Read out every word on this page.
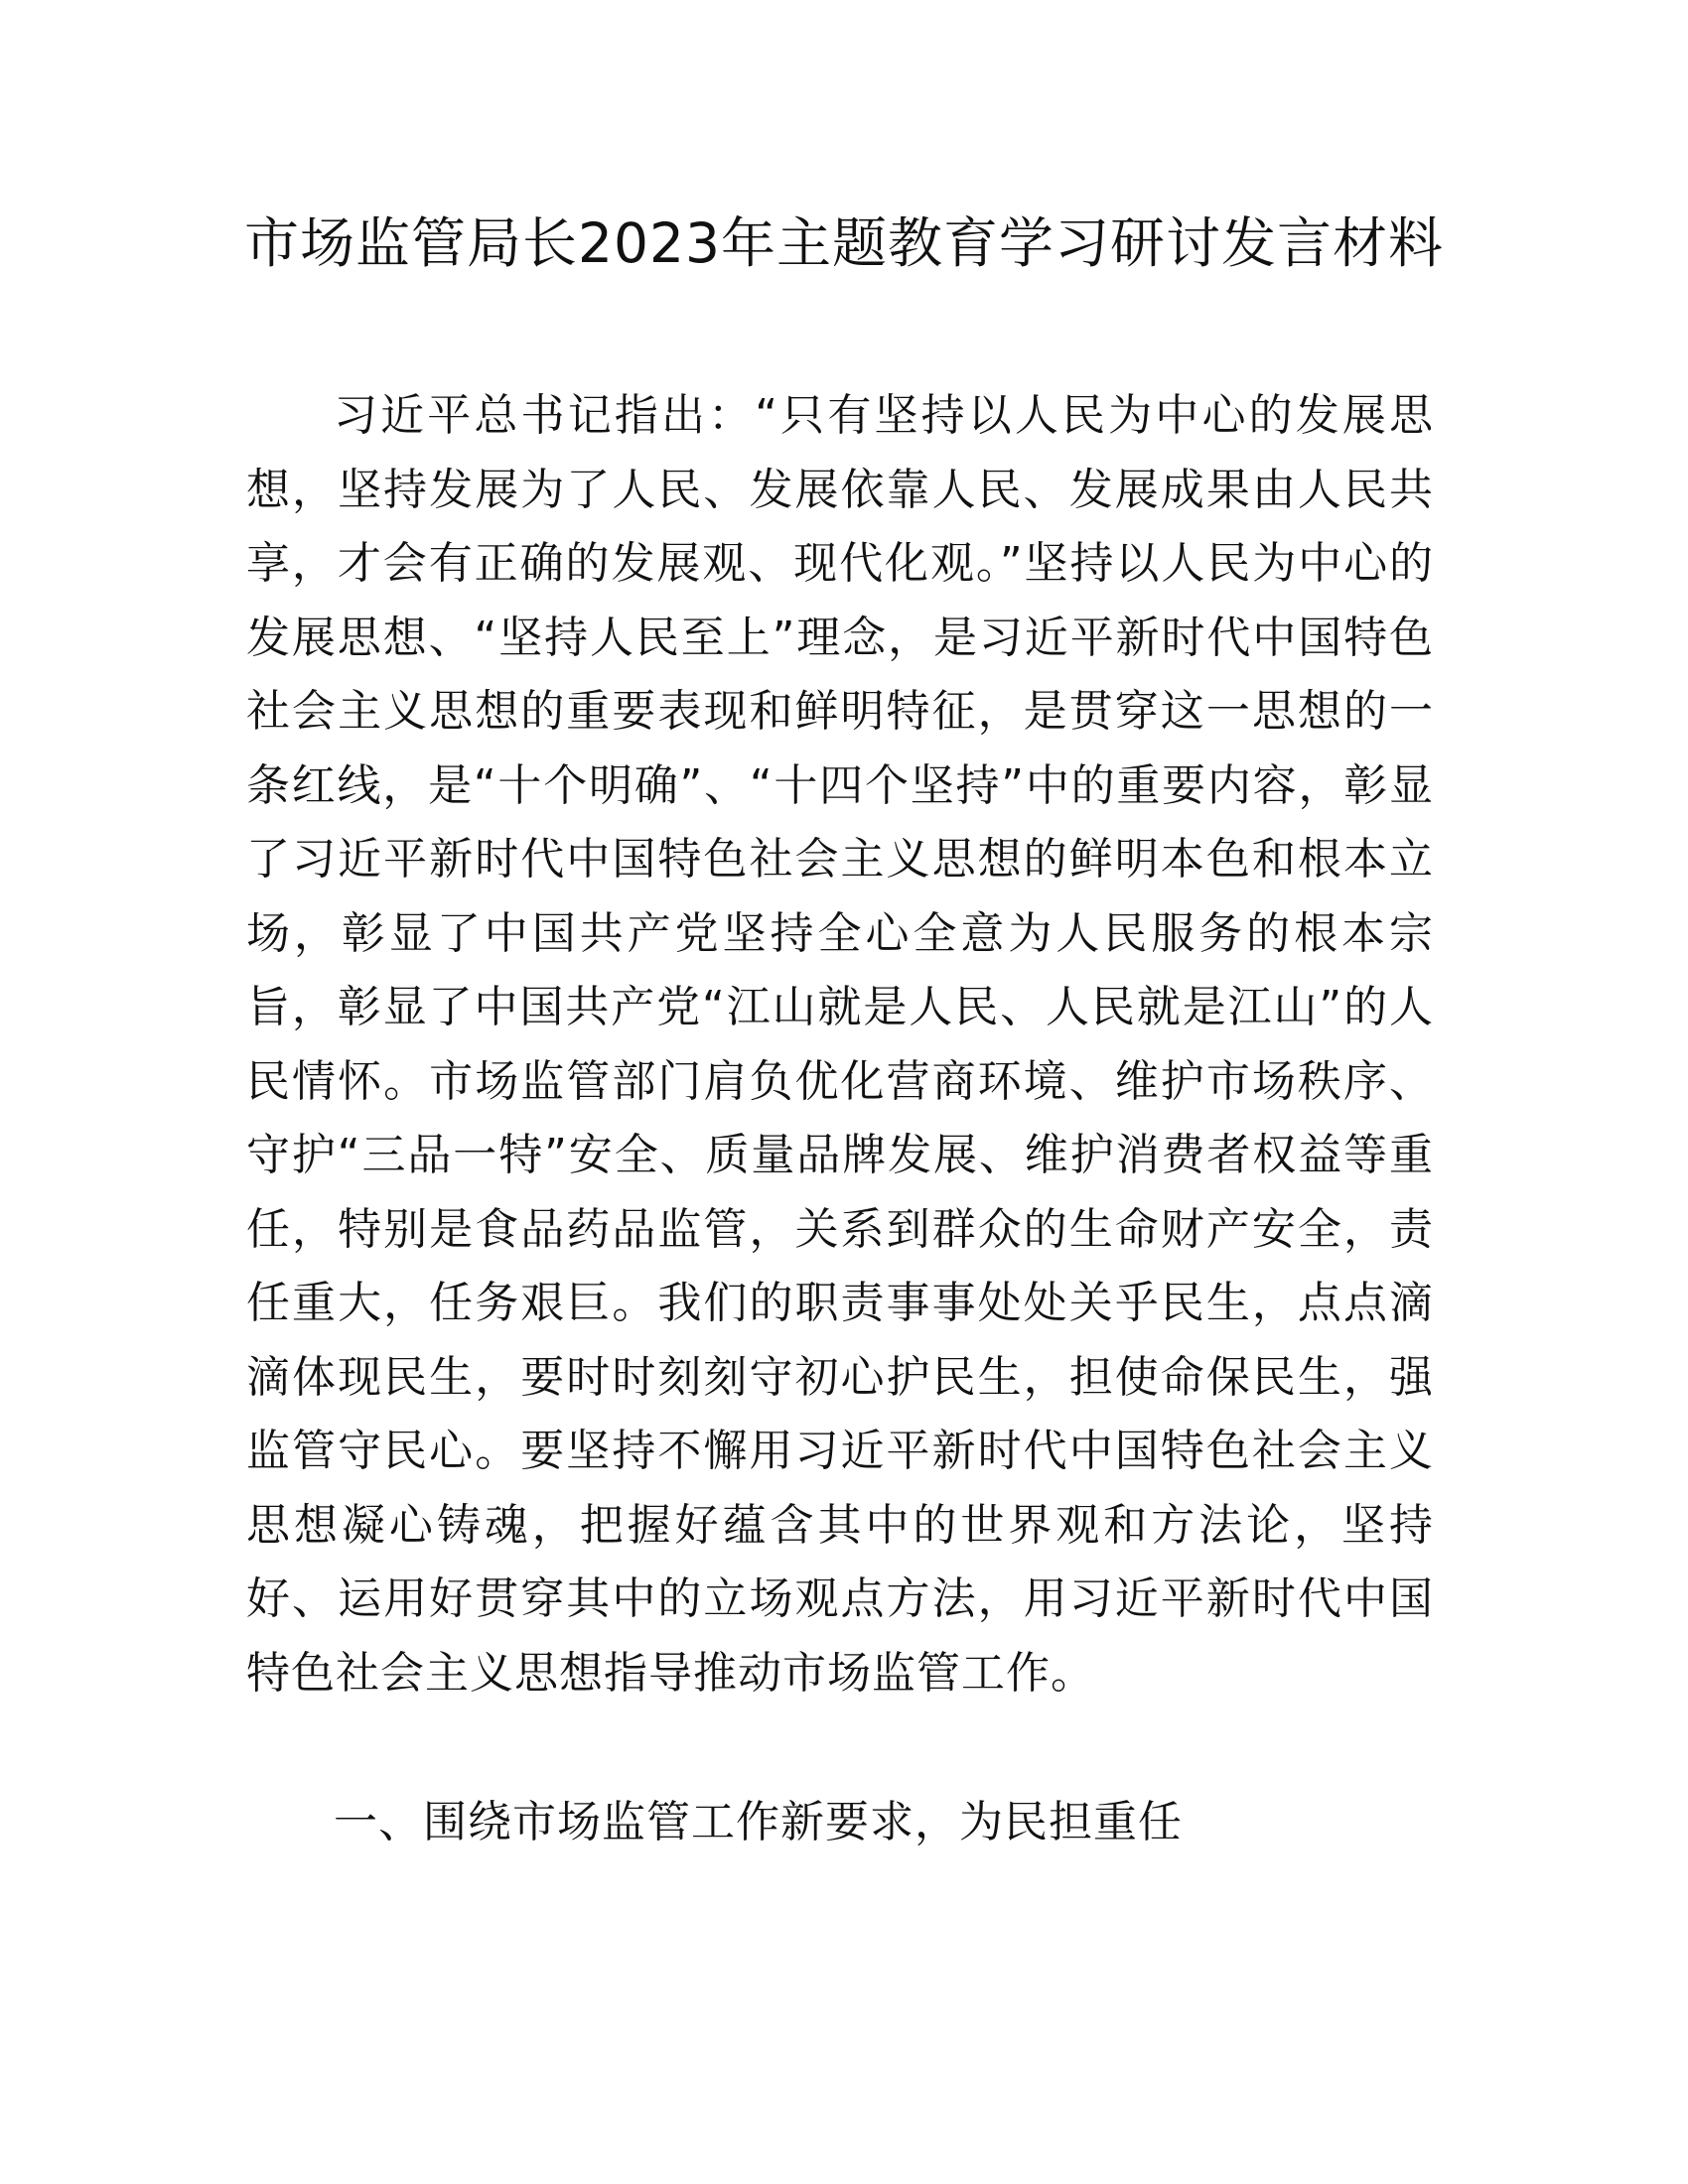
市场监管局长2023年主题教育学习研讨发言材料

习近平总书记指出：“只有坚持以人民为中心的发展思想，坚持发展为了人民、发展依靠人民、发展成果由人民共享，才会有正确的发展观、现代化观。”坚持以人民为中心的发展思想、“坚持人民至上”理念，是习近平新时代中国特色社会主义思想的重要表现和鲜明特征，是贯穿这一思想的一条红线，是“十个明确”、“十四个坚持”中的重要内容，彰显了习近平新时代中国特色社会主义思想的鲜明本色和根本立场，彰显了中国共产党坚持全心全意为人民服务的根本宗旨，彰显了中国共产党“江山就是人民、人民就是江山”的人民情怀。市场监管部门肩负优化营商环境、维护市场秩序、守护“三品一特”安全、质量品牌发展、维护消费者权益等重任，特别是食品药品监管，关系到群众的生命财产安全，责任重大，任务艰巨。我们的职责事事处处关乎民生，点点滴滴体现民生，要时时刻刻守初心护民生，担使命保民生，强监管守民心。要坚持不懈用习近平新时代中国特色社会主义思想凝心铸魂，把握好蕴含其中的世界观和方法论，坚持好、运用好贯穿其中的立场观点方法，用习近平新时代中国特色社会主义思想指导推动市场监管工作。

一、围绕市场监管工作新要求，为民担重任
